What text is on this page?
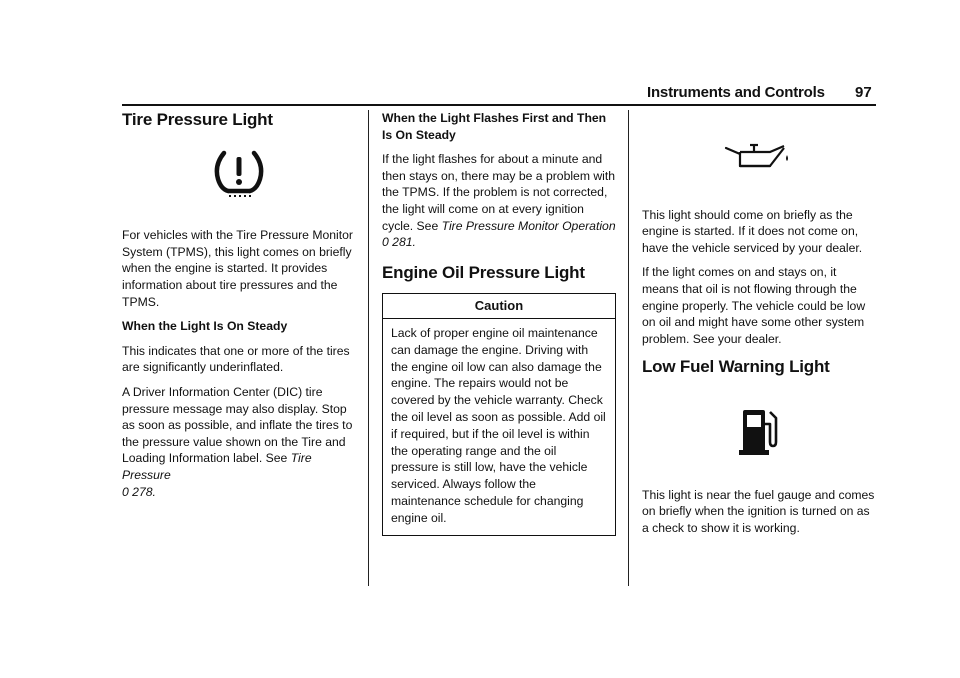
Instruments and Controls 97
Tire Pressure Light

For vehicles with the Tire Pressure Monitor System (TPMS), this light comes on briefly when the engine is started. It provides information about tire pressures and the TPMS.

When the Light Is On Steady

This indicates that one or more of the tires are significantly underinflated.

A Driver Information Center (DIC) tire pressure message may also display. Stop as soon as possible, and inflate the tires to the pressure value shown on the Tire and Loading Information label. See Tire Pressure
0 278.

When the Light Flashes First and Then Is On Steady

If the light flashes for about a minute and then stays on, there may be a problem with the TPMS. If the problem is not corrected, the light will come on at every ignition cycle. See Tire Pressure Monitor Operation
0 281.

Engine Oil Pressure Light
Caution
Lack of proper engine oil maintenance can damage the engine. Driving with the engine oil low can also damage the engine. The repairs would not be covered by the vehicle warranty. Check the oil level as soon as possible. Add oil if required, but if the oil level is within the operating range and the oil pressure is still low, have the vehicle serviced. Always follow the maintenance schedule for changing engine oil.

This light should come on briefly as the engine is started. If it does not come on, have the vehicle serviced by your dealer.

If the light comes on and stays on, it means that oil is not flowing through the engine properly. The vehicle could be low on oil and might have some other system problem. See your dealer.

Low Fuel Warning Light

This light is near the fuel gauge and comes on briefly when the ignition is turned on as a check to show it is working.
